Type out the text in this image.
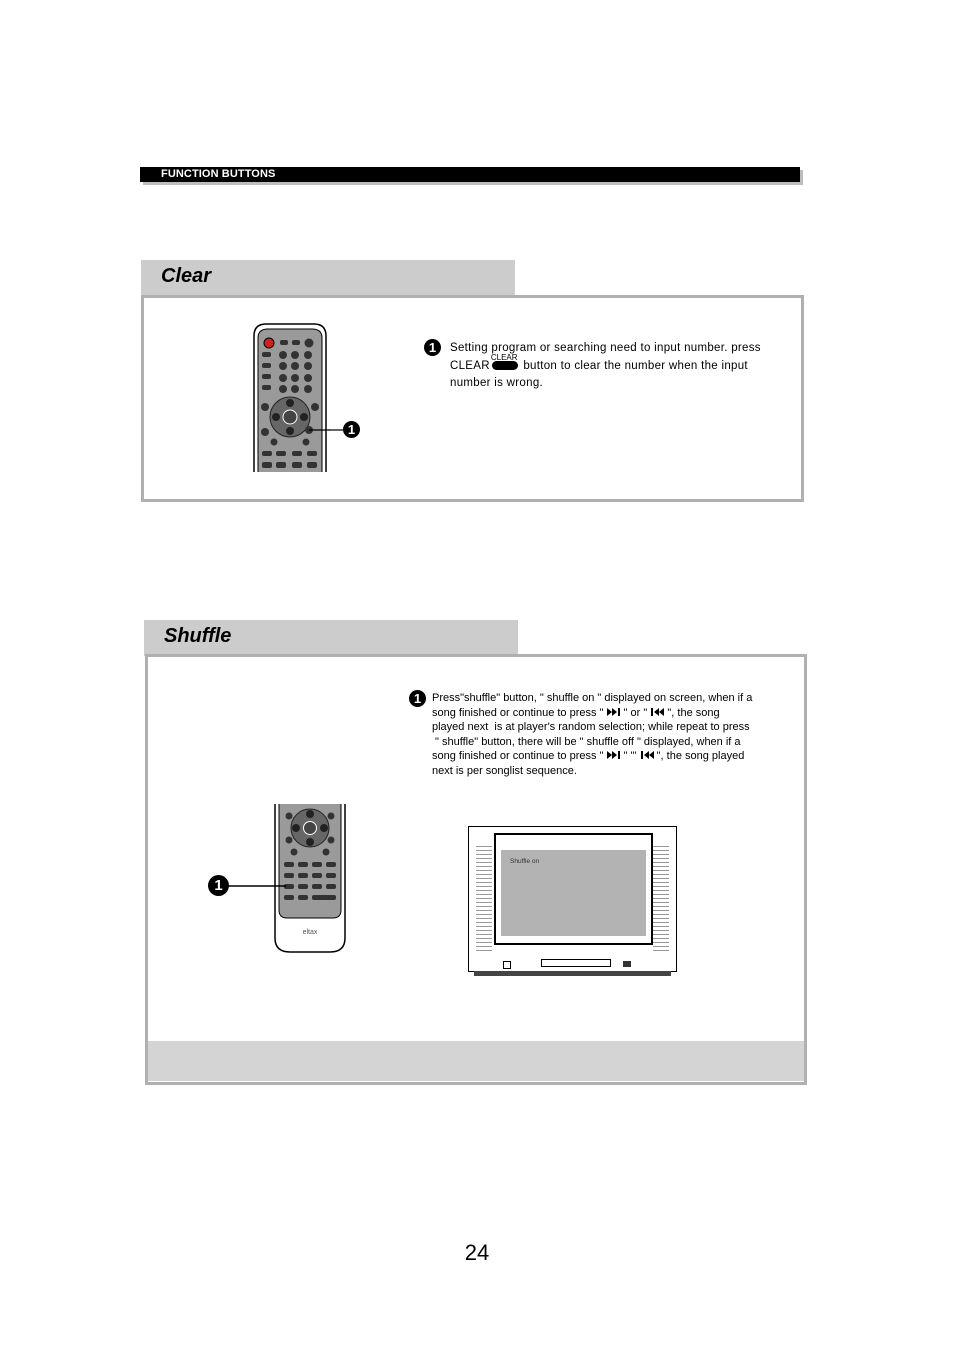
FUNCTION BUTTONS
Clear
1
1	Setting program or searching need to input number. press
CLEAR
CLEAR
button to clear the number when the input
number is wrong.
Shuffle
1 Press"shuffle" button, " shuffle on " displayed on screen, when if a
song finished or continue to press "  " or "  ", the song
played next  is at player's random selection; while repeat to press
" shuffle" button, there will be " shuffle off " displayed, when if a
song finished or continue to press "  " "'  ", the song played
next is per songlist sequence.
eltax
1
Shuffle on
24
